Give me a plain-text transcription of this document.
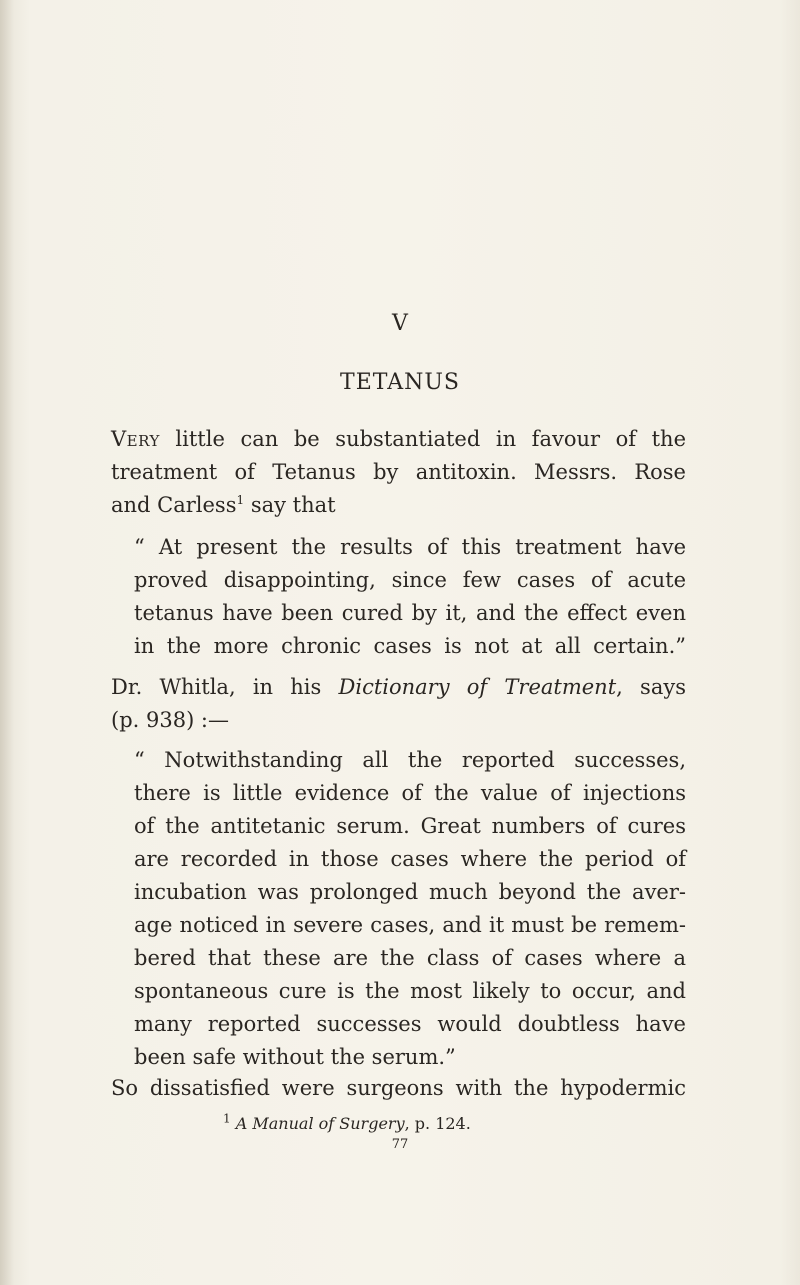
V
TETANUS
Very little can be substantiated in favour of the
treatment of Tetanus by antitoxin. Messrs. Rose
and Carless$^1$ say that
“ At present the results of this treatment have
proved disappointing, since few cases of acute
tetanus have been cured by it, and the effect even
in the more chronic cases is not at all certain.”
Dr. Whitla, in his Dictionary of Treatment, says
(p. 938) :—
“ Notwithstanding all the reported successes,
there is little evidence of the value of injections
of the antitetanic serum. Great numbers of cures
are recorded in those cases where the period of
incubation was prolonged much beyond the aver-
age noticed in severe cases, and it must be remem-
bered that these are the class of cases where a
spontaneous cure is the most likely to occur, and
many reported successes would doubtless have
been safe without the serum.”
So dissatisfied were surgeons with the hypodermic
$^1$ A Manual of Surgery, p. 124.
77
